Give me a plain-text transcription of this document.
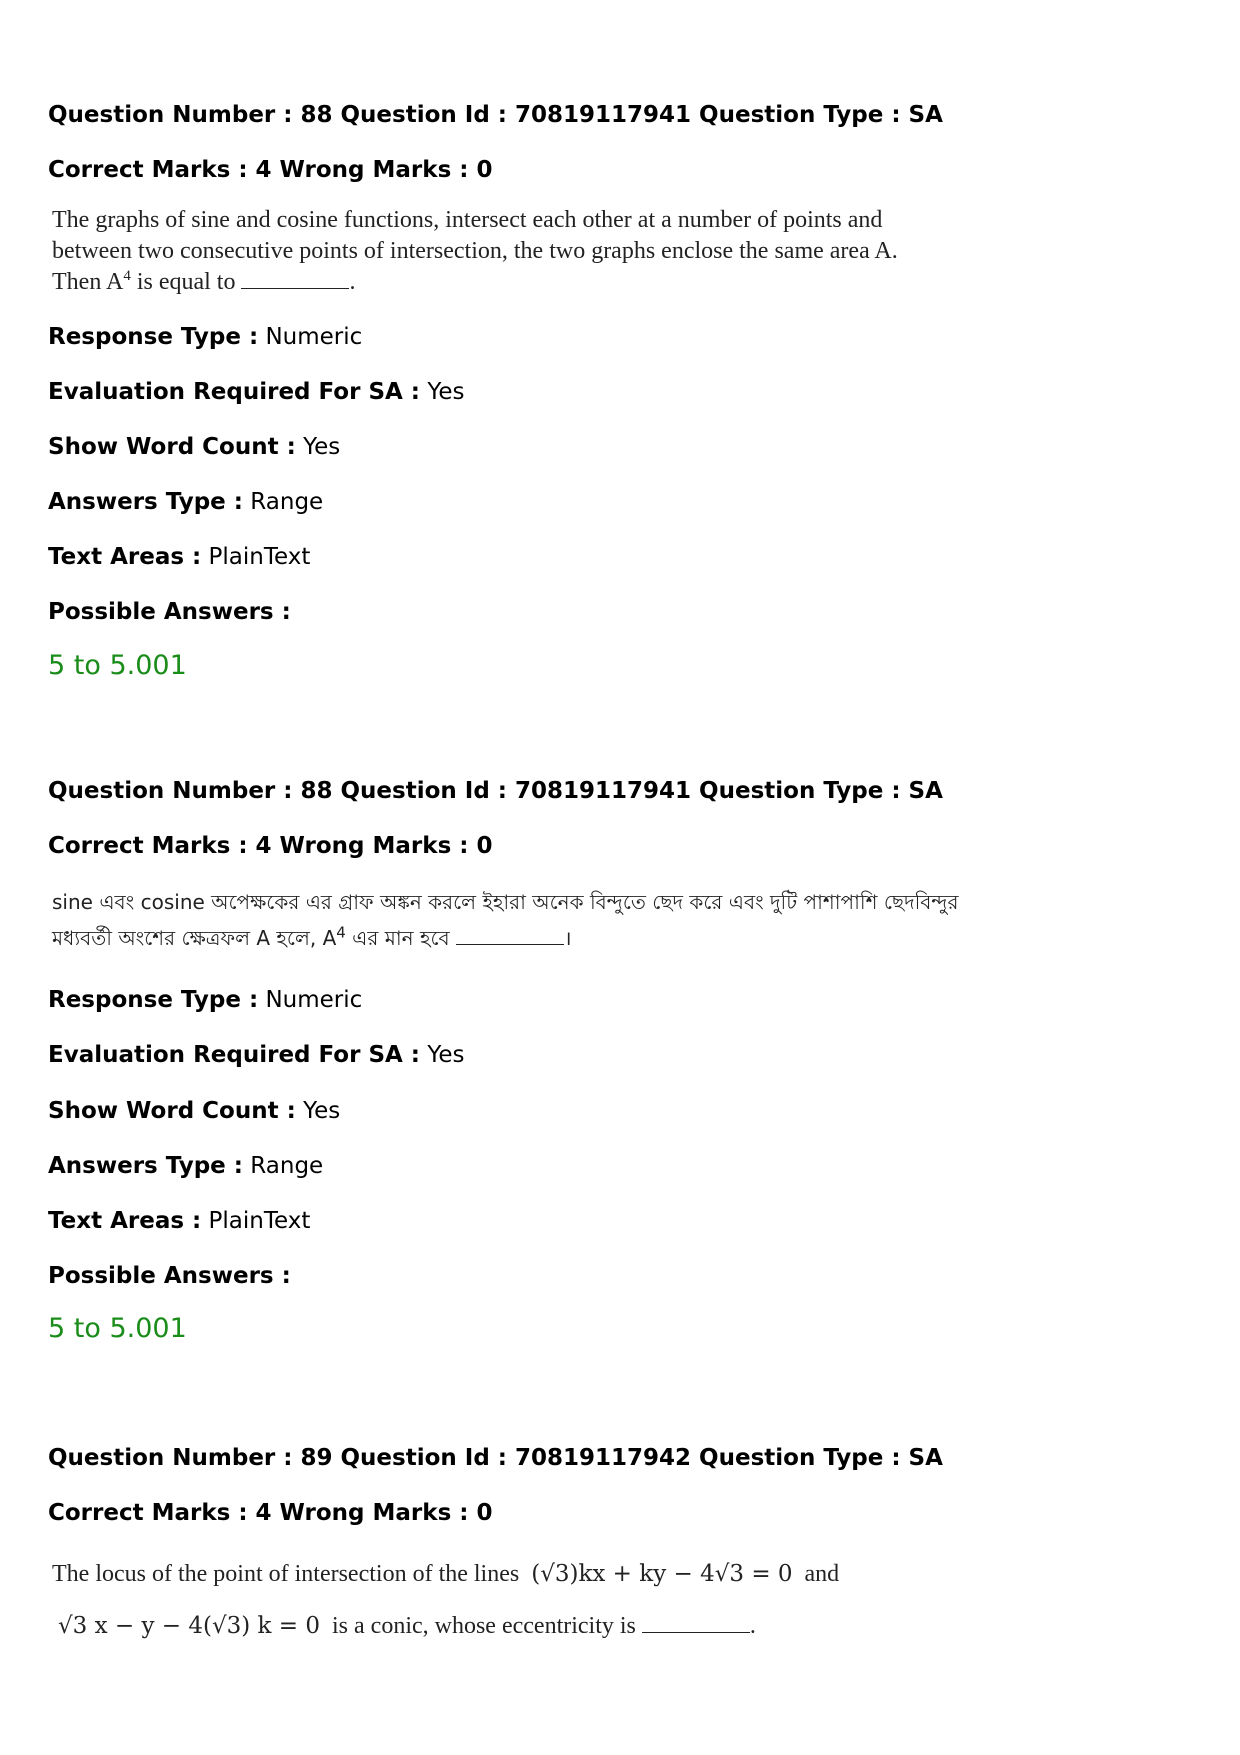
Question Number : 88 Question Id : 70819117941 Question Type : SA
Correct Marks : 4 Wrong Marks : 0

The graphs of sine and cosine functions, intersect each other at a number of points and

between two consecutive points of intersection, the two graphs enclose the same area A.

Then $A^4$ is equal to	.

Response Type : Numeric
Evaluation Required For SA : Yes
Show Word Count : Yes
Answers Type : Range
Text Areas : PlainText
Possible Answers :
5 to 5.001
Question Number : 88 Question Id : 70819117941 Question Type : SA
Correct Marks : 4 Wrong Marks : 0

sine এবং cosine অপেক্ষকের এর গ্রাফ অঙ্কন করলে ইহারা অনেক বিন্দুতে ছেদ করে এবং দুটি পাশাপাশি ছেদবিন্দুর

মধ্যবর্তী অংশের ক্ষেত্রফল A হলে, $A^4$ এর মান হবে	।

Response Type : Numeric
Evaluation Required For SA : Yes
Show Word Count : Yes
Answers Type : Range
Text Areas : PlainText
Possible Answers :
5 to 5.001
Question Number : 89 Question Id : 70819117942 Question Type : SA
Correct Marks : 4 Wrong Marks : 0

The locus of the point of intersection of the lines (√3)kx + ky − 4√3 = 0 and

√3 x − y − 4(√3) k = 0 is a conic, whose eccentricity is	.
